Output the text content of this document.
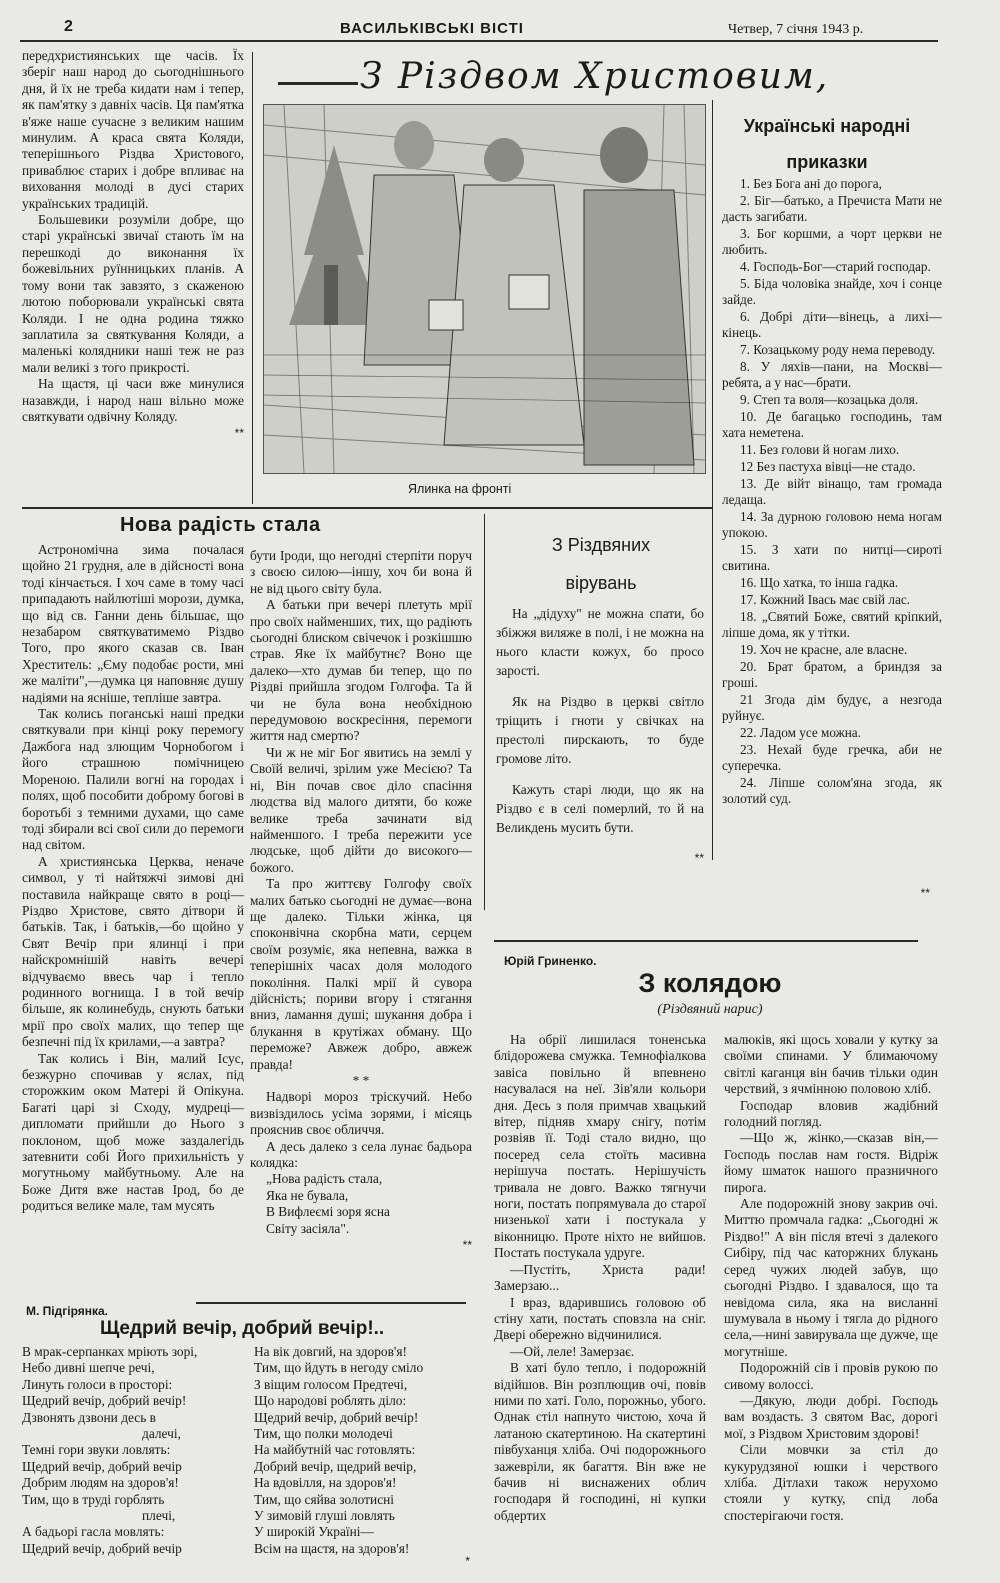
2	ВАСИЛЬКІВСЬКІ ВІСТІ	Четвер, 7 січня 1943 р.

передхристиянських ще часів. Їх зберіг наш народ до сьогоднішнього дня, й їх не треба кидати нам і тепер, як пам'ятку з давніх часів. Ця пам'ятка в'яже наше сучасне з великим нашим минулим. А краса свята Коляди, теперішнього Різдва Христового, приваблює старих і добре впливає на виховання молоді в дусі старих українських традицій.

Большевики розуміли добре, що старі українські звичаї стають їм на перешкоді до виконання їх божевільних руїнницьких планів. А тому вони так завзято, з скаженою лютою поборювали українські свята Коляди. І не одна родина тяжко заплатила за святкування Коляди, а маленькі колядники наші теж не раз мали великі з того прикрості.

На щастя, ці часи вже минулися назавжди, і народ наш вільно може святкувати одвічну Коляду.

**
З Різдвом Христовим,
Ялинка на фронті
Українські народні
приказки
1. Без Бога ані до порога,
2. Біг—батько, а Пречиста Мати не дасть загибати.
3. Бог коршми, а чорт церкви не любить.
4. Господь-Бог—старий господар.
5. Біда чоловіка знайде, хоч і сонце зайде.
6. Добрі діти—вінець, а лихі—кінець.
7. Козацькому роду нема переводу.
8. У ляхів—пани, на Москві—ребята, а у нас—брати.
9. Степ та воля—козацька доля.
10. Де багацько господинь, там хата неметена.
11. Без голови й ногам лихо.
12 Без пастуха вівці—не стадо.
13. Де війт вінащо, там громада ледаща.
14. За дурною головою нема ногам упокою.
15. З хати по нитці—сироті свитина.
16. Що хатка, то інша гадка.
17. Кожний Івась має свій лас.
18. „Святий Боже, святий кріпкий, ліпше дома, як у тітки.
19. Хоч не красне, але власне.
20. Брат братом, а бриндзя за гроші.
21 Згода дім будує, а незгода руйнує.
22. Ладом усе можна.
23. Нехай буде гречка, аби не суперечка.
24. Ліпше солом'яна згода, як золотий суд.
Нова радість стала

Астрономічна зима почалася щойно 21 грудня, але в дійсності вона тоді кінчається. І хоч саме в тому часі припадають найлютіші морози, думка, що від св. Ганни день більшає, що незабаром святкуватимемо Різдво Того, про якого сказав св. Іван Хреститель: „Єму подобає рости, мні же маліти",—думка ця наповняє душу надіями на ясніше, тепліше завтра.

Так колись поганські наші предки святкували при кінці року перемогу Дажбога над злющим Чорнобогом і його страшною помічницею Мореною. Палили вогні на городах і полях, щоб пособити доброму богові в боротьбі з темними духами, що саме тоді збирали всі свої сили до перемоги над світом.

А християнська Церква, неначе символ, у ті найтяжчі зимові дні поставила найкраще свято в році—Різдво Христове, свято дітвори й батьків. Так, і батьків,—бо щойно у Свят Вечір при ялинці і при найскромнішій навіть вечері відчуваємо ввесь чар і тепло родинного вогнища. І в той вечір більше, як колинебудь, снують батьки мрії про своїх малих, що тепер ще безпечні під їх крилами,—а завтра?

Так колись і Він, малий Ісус, безжурно спочивав у яслах, під сторожким оком Матері й Опікуна. Багаті царі зі Сходу, мудреці—дипломати прийшли до Нього з поклоном, щоб може заздалегідь затевнити собі Його прихильність у могутньому майбутньому. Але на Боже Дитя вже настав Ірод, бо де родиться велике мале, там мусять

бути Іроди, що негодні стерпіти поруч з своєю силою—іншу, хоч би вона й не від цього світу була.

А батьки при вечері плетуть мрії про своїх найменших, тих, що радіють сьогодні блиском свічечок і розкішшю страв. Яке їх майбутнє? Воно ще далеко—хто думав би тепер, що по Різдві прийшла згодом Голгофа. Та й чи не була вона необхідною передумовою воскресіння, перемоги життя над смертю?

Чи ж не міг Бог явитись на землі у Своїй величі, зрілим уже Месією? Та ні, Він почав своє діло спасіння людства від малого дитяти, бо коже велике треба зачинати від найменшого. І треба пережити усе людське, щоб дійти до високого—божого.

Та про життєву Голгофу своїх малих батько сьогодні не думає—вона ще далеко. Тільки жінка, ця споконвічна скорбна мати, серцем своїм розуміє, яка непевна, важка в теперішніх часах доля молодого покоління. Палкі мрії й сувора дійсність; пориви вгору і стягання вниз, ламання душі; шукання добра і блукання в крутіжах обману. Що переможе? Авжеж добро, авжеж правда!

* *

Надворі мороз тріскучий. Небо визвіздилось усіма зорями, і місяць прояснив своє обличчя.

А десь далеко з села лунає бадьора колядка:

„Нова радість стала,
Яка не бувала,
В Вифлеємі зоря ясна
Світу засіяла".
**
З Різдвяних
вірувань

На „дідуху" не можна спати, бо збіжжя виляже в полі, і не можна на нього класти кожух, бо просо зарості.

Як на Різдво в церкві світло тріщить і гноти у свічках на престолі пирскають, то буде громове літо.

Кажуть старі люди, що як на Різдво є в селі померлий, то й на Великдень мусить бути.

**
**
Юрій Гриненко.
З колядою
(Різдвяний нарис)

На обрії лишилася тоненська блідорожева смужка. Темнофіалкова завіса повільно й впевнено насувалася на неї. Зів'яли кольори дня. Десь з поля примчав хвацький вітер, підняв хмару снігу, потім розвіяв її. Тоді стало видно, що посеред села стоїть масивна нерішуча постать. Нерішучість тривала не довго. Важко тягнучи ноги, постать попрямувала до старої низенької хати і постукала у віконницю. Проте ніхто не вийшов. Постать постукала удруге.

—Пустіть, Христа ради! Замерзаю...

І враз, вдарившись головою об стіну хати, постать сповзла на сніг. Двері обережно відчинилися.

—Ой, леле! Замерзає.

В хаті було тепло, і подорожній відійшов. Він розплющив очі, повів ними по хаті. Голо, порожньо, убого. Однак стіл напнуто чистою, хоча й латаною скатертиною. На скатертині півбуханця хліба. Очі подорожнього зажевріли, як багаття. Він вже не бачив ні виснажених облич господаря й господині, ні купки обдертих

малюків, які щось ховали у кутку за своїми спинами. У блимаючому світлі каганця він бачив тільки один черствий, з ячмінною половою хліб.

Господар вловив жадібний голодний погляд.

—Що ж, жінко,—сказав він,—Господь послав нам гостя. Відріж йому шматок нашого празничного пирога.

Але подорожній знову закрив очі. Миттю промчала гадка: „Сьогодні ж Різдво!" А він після втечі з далекого Сибіру, під час каторжних блукань серед чужих людей забув, що сьогодні Різдво. І здавалося, що та невідома сила, яка на висланні шумувала в ньому і тягла до рідного села,—нині завирувала ще дужче, ще могутніше.

Подорожній сів і провів рукою по сивому волоссі.

—Дякую, люди добрі. Господь вам воздасть. З святом Вас, дорогі мої, з Різдвом Христовим здорові!

Сіли мовчки за стіл до кукурудзяної юшки і черствого хліба. Дітлахи також нерухомо стояли у кутку, спід лоба спостерігаючи гостя.

М. Підгірянка.
Щедрий вечір, добрий вечір!..
В мрак-серпанках мріють зорі,
Небо дивні шепче речі,
Линуть голоси в просторі:
Щедрий вечір, добрий вечір!
Дзвонять дзвони десь в
далечі,
Темні гори звуки ловлять:
Щедрий вечір, добрий вечір
Добрим людям на здоров'я!
Тим, що в труді горблять
плечі,
А бадьорі гасла мовлять:
Щедрий вечір, добрий вечір
На вік довгий, на здоров'я!
Тим, що йдуть в негоду сміло
З віщим голосом Предтечі,
Що народові роблять діло:
Щедрий вечір, добрий вечір!
Тим, що полки молодечі
На майбутній час готовлять:
Добрий вечір, щедрий вечір,
На вдовілля, на здоров'я!
Тим, що сяйва золотисні
У зимовій глуші ловлять
У широкій Україні—
Всім на щастя, на здоров'я!
*
